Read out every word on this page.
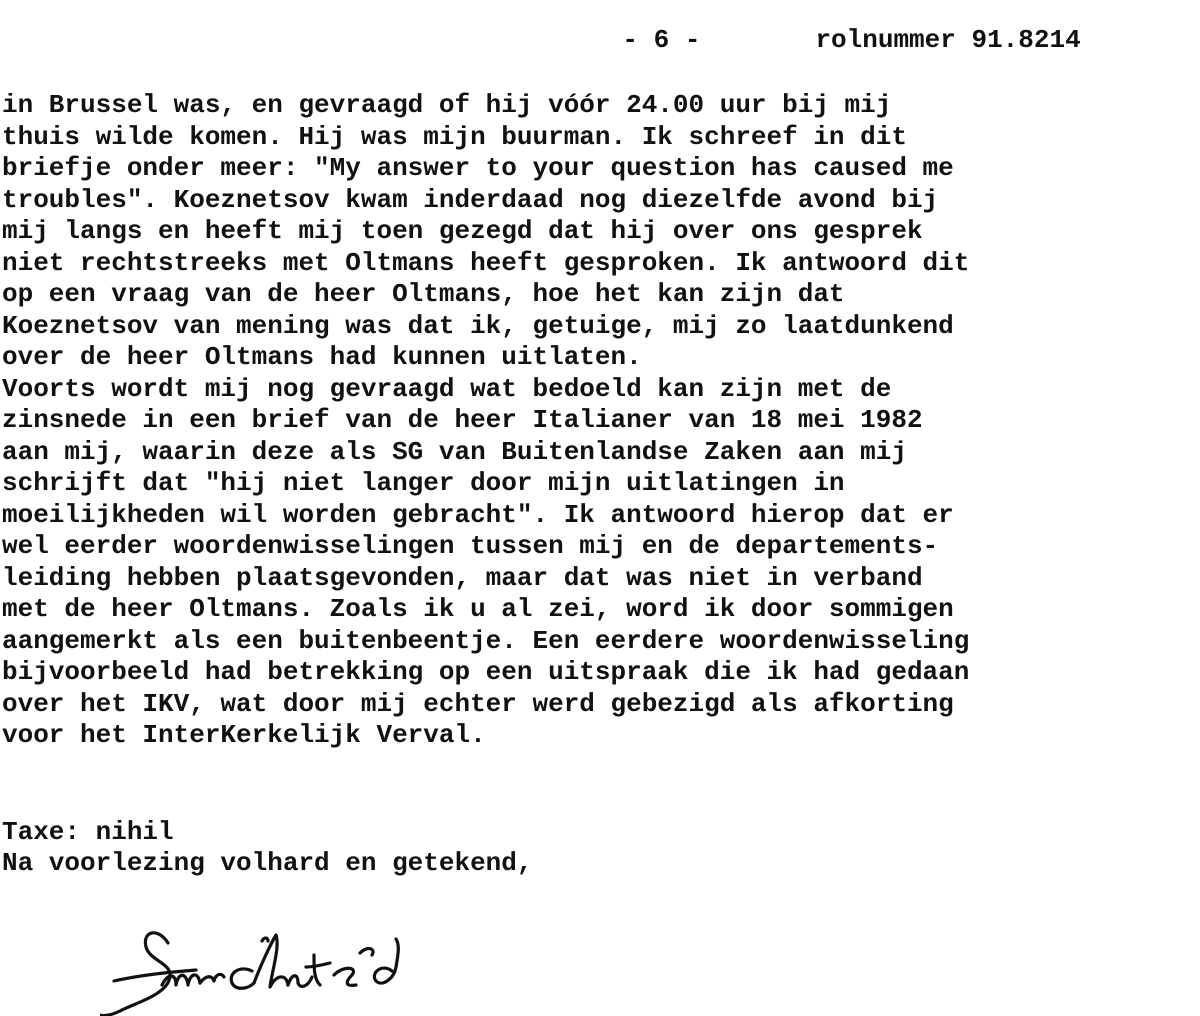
- 6 -	rolnummer 91.8214

in Brussel was, en gevraagd of hij vóór 24.00 uur bij mij
thuis wilde komen. Hij was mijn buurman. Ik schreef in dit
briefje onder meer: "My answer to your question has caused me
troubles". Koeznetsov kwam inderdaad nog diezelfde avond bij
mij langs en heeft mij toen gezegd dat hij over ons gesprek
niet rechtstreeks met Oltmans heeft gesproken. Ik antwoord dit
op een vraag van de heer Oltmans, hoe het kan zijn dat
Koeznetsov van mening was dat ik, getuige, mij zo laatdunkend
over de heer Oltmans had kunnen uitlaten.
Voorts wordt mij nog gevraagd wat bedoeld kan zijn met de
zinsnede in een brief van de heer Italianer van 18 mei 1982
aan mij, waarin deze als SG van Buitenlandse Zaken aan mij
schrijft dat "hij niet langer door mijn uitlatingen in
moeilijkheden wil worden gebracht". Ik antwoord hierop dat er
wel eerder woordenwisselingen tussen mij en de departements-
leiding hebben plaatsgevonden, maar dat was niet in verband
met de heer Oltmans. Zoals ik u al zei, word ik door sommigen
aangemerkt als een buitenbeentje. Een eerdere woordenwisseling
bijvoorbeeld had betrekking op een uitspraak die ik had gedaan
over het IKV, wat door mij echter werd gebezigd als afkorting
voor het InterKerkelijk Verval.
Taxe: nihil
Na voorlezing volhard en getekend,
